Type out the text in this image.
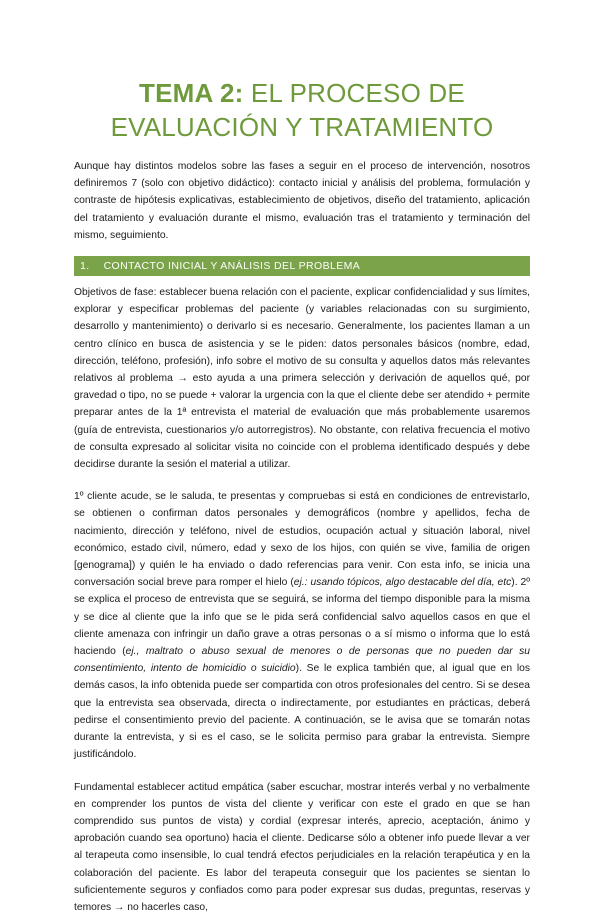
TEMA 2: EL PROCESO DE
EVALUACIÓN Y TRATAMIENTO

Aunque hay distintos modelos sobre las fases a seguir en el proceso de intervención, nosotros definiremos 7 (solo con objetivo didáctico): contacto inicial y análisis del problema, formulación y contraste de hipótesis explicativas, establecimiento de objetivos, diseño del tratamiento, aplicación del tratamiento y evaluación durante el mismo, evaluación tras el tratamiento y terminación del mismo, seguimiento.

1. CONTACTO INICIAL Y ANÁLISIS DEL PROBLEMA

Objetivos de fase: establecer buena relación con el paciente, explicar confidencialidad y sus límites, explorar y especificar problemas del paciente (y variables relacionadas con su surgimiento, desarrollo y mantenimiento) o derivarlo si es necesario. Generalmente, los pacientes llaman a un centro clínico en busca de asistencia y se le piden: datos personales básicos (nombre, edad, dirección, teléfono, profesión), info sobre el motivo de su consulta y aquellos datos más relevantes relativos al problema → esto ayuda a una primera selección y derivación de aquellos qué, por gravedad o tipo, no se puede + valorar la urgencia con la que el cliente debe ser atendido + permite preparar antes de la 1ª entrevista el material de evaluación que más probablemente usaremos (guía de entrevista, cuestionarios y/o autorregistros). No obstante, con relativa frecuencia el motivo de consulta expresado al solicitar visita no coincide con el problema identificado después y debe decidirse durante la sesión el material a utilizar.

1º cliente acude, se le saluda, te presentas y compruebas si está en condiciones de entrevistarlo, se obtienen o confirman datos personales y demográficos (nombre y apellidos, fecha de nacimiento, dirección y teléfono, nivel de estudios, ocupación actual y situación laboral, nivel económico, estado civil, número, edad y sexo de los hijos, con quién se vive, familia de origen [genograma]) y quién le ha enviado o dado referencias para venir. Con esta info, se inicia una conversación social breve para romper el hielo (ej.: usando tópicos, algo destacable del día, etc). 2º se explica el proceso de entrevista que se seguirá, se informa del tiempo disponible para la misma y se dice al cliente que la info que se le pida será confidencial salvo aquellos casos en que el cliente amenaza con infringir un daño grave a otras personas o a sí mismo o informa que lo está haciendo (ej., maltrato o abuso sexual de menores o de personas que no pueden dar su consentimiento, intento de homicidio o suicidio). Se le explica también que, al igual que en los demás casos, la info obtenida puede ser compartida con otros profesionales del centro. Si se desea que la entrevista sea observada, directa o indirectamente, por estudiantes en prácticas, deberá pedirse el consentimiento previo del paciente. A continuación, se le avisa que se tomarán notas durante la entrevista, y si es el caso, se le solicita permiso para grabar la entrevista. Siempre justificándolo.

Fundamental establecer actitud empática (saber escuchar, mostrar interés verbal y no verbalmente en comprender los puntos de vista del cliente y verificar con este el grado en que se han comprendido sus puntos de vista) y cordial (expresar interés, aprecio, aceptación, ánimo y aprobación cuando sea oportuno) hacia el cliente. Dedicarse sólo a obtener info puede llevar a ver al terapeuta como insensible, lo cual tendrá efectos perjudiciales en la relación terapéutica y en la colaboración del paciente. Es labor del terapeuta conseguir que los pacientes se sientan lo suficientemente seguros y confiados como para poder expresar sus dudas, preguntas, reservas y temores → no hacerles caso,
